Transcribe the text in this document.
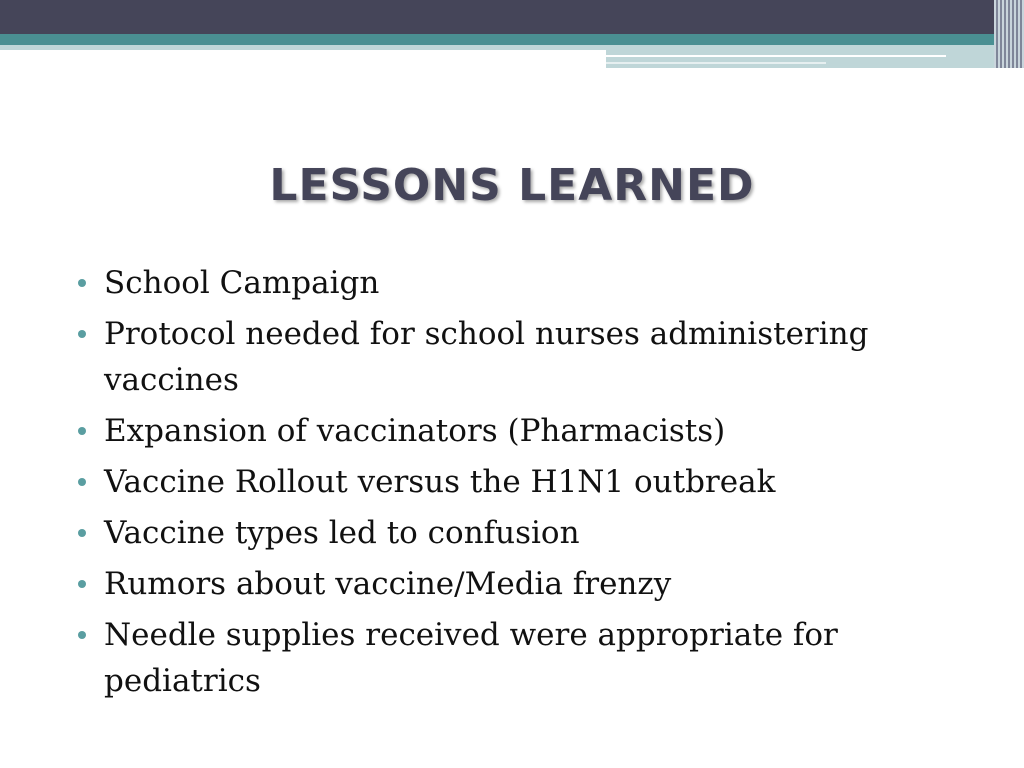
LESSONS LEARNED
School Campaign
Protocol needed for school nurses administering vaccines
Expansion of vaccinators (Pharmacists)
Vaccine Rollout versus the H1N1 outbreak
Vaccine types led to confusion
Rumors about vaccine/Media frenzy
Needle supplies received were appropriate for pediatrics
